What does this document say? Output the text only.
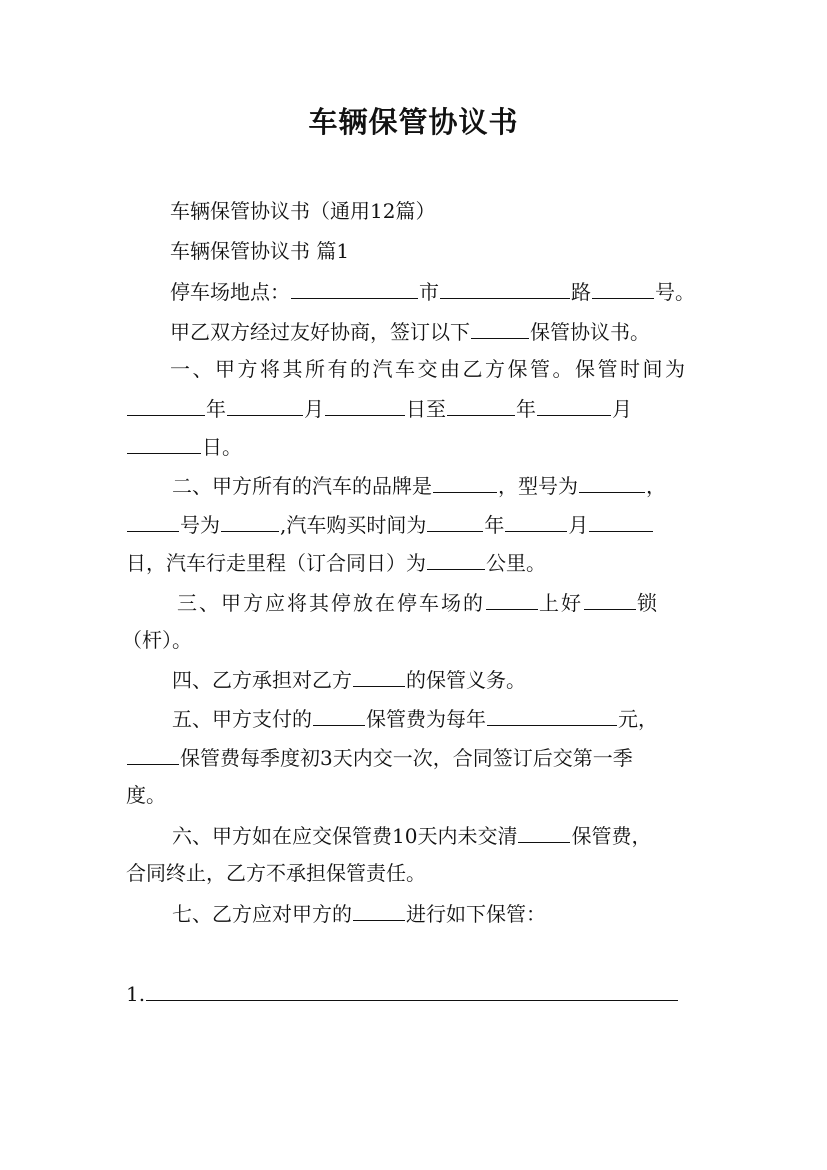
车辆保管协议书
车辆保管协议书（通用12篇）
车辆保管协议书 篇1
停车场地点：	市	路	号。
甲乙双方经过友好协商，签订以下	保管协议书。
一、甲方将其所有的汽车交由乙方保管。保管时间为
年	月	日至	年	月
日。
二、甲方所有的汽车的品牌是	，型号为	，
号为	,汽车购买时间为	年	月
日，汽车行走里程（订合同日）为	公里。
三、甲方应将其停放在停车场的	上好	锁
（杆）。
四、乙方承担对乙方	的保管义务。
五、甲方支付的	保管费为每年	元，
保管费每季度初3天内交一次，合同签订后交第一季
度。
六、甲方如在应交保管费10天内未交清	保管费，
合同终止，乙方不承担保管责任。
七、乙方应对甲方的	进行如下保管：
1.
